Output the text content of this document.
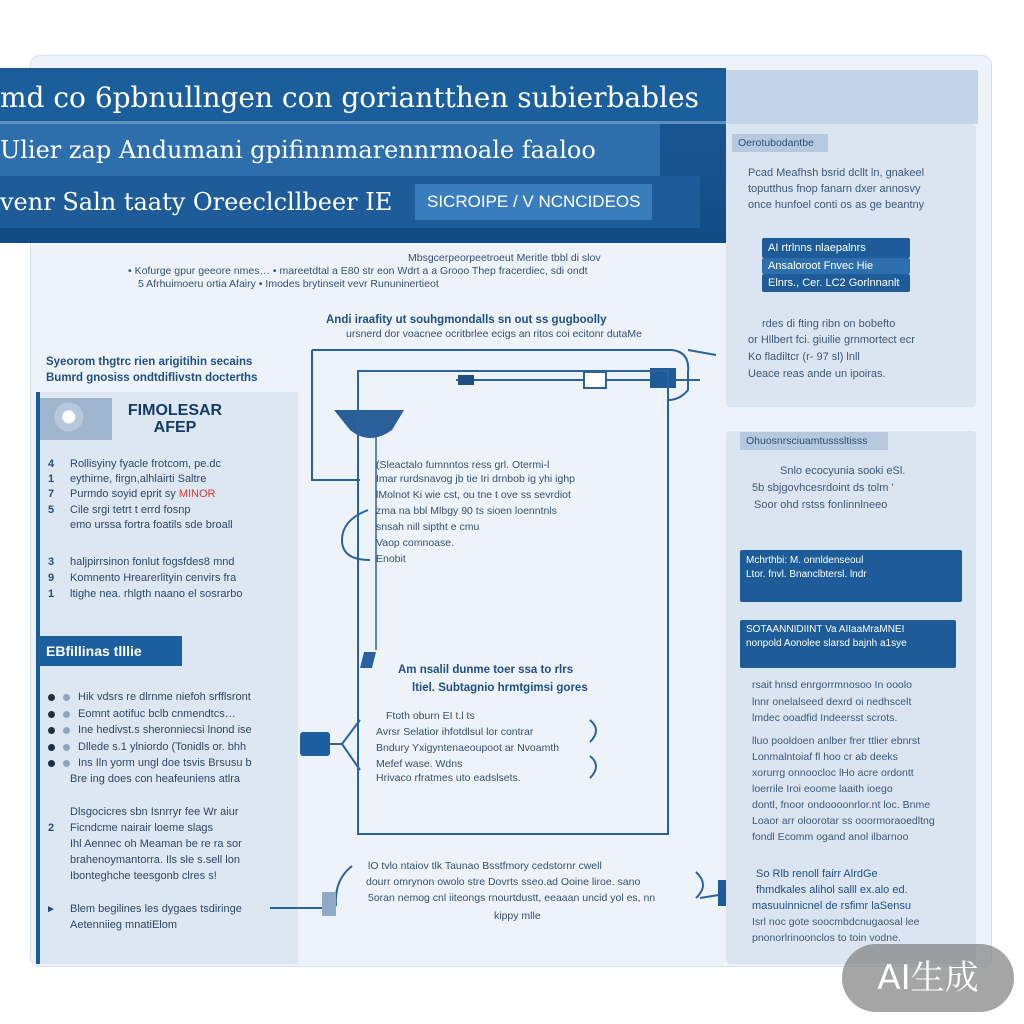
md co 6pbnullngen con goriantthen subierbables
Ulier zap Andumani gpifinnmarennrmoale faaloo
venr Saln taaty Oreeclcllbeer IE	SICROIPE / V NCNCIDEOS
Mbsgcerpeorpeetroeut Meritle tbbl di slov
• Kofurge gpur geeore nmes… • mareetdtal a E80 str eon Wdrt a a Grooo Thep fracerdiec, sdi ondt
5 Afrhuimoeru ortia Afairy • Imodes brytinseit vevr Rununinertieot
Syeorom thgtrc rien arigitihin secains
Bumrd gnosiss ondtdiflivstn docterths
FIMOLESAR
AFEP
4 Rollisyiny fyacle frotcom, pe.dc
1 eythirne, firgn,alhlairti Saltre
7 Purmdo soyid eprit sy MINOR
5 Cile srgi tetrt t errd fosnp
emo urssa fortra foatils sde broall
3 haljpirrsinon fonlut fogsfdes8 mnd
9 Komnento Hrearerlityin cenvirs fra
1 ltighe nea. rhlgth naano el sosrarbo
EBfillinas tlllie
Hik vdsrs re dlrnme niefoh srfflsront
Eomnt aotifuc bclb cnmendtcs…
Ine hedivst.s sheronniecsi lnond ise
Dllede s.1 ylniordo (Tonidls or. bhh
Ins Iln yorm ungl doe tsvis Brsusu b
Bre ing does con heafeuniens atlra
Dlsgocicres sbn Isnrryr fee Wr aiur
2 Ficndcme nairair loeme slags
Ihl Aennec oh Meaman be re ra sor
brahenoymantorra. Ils sle s.sell lon
Ibonteghche teesgonb clres s!
▸ Blem begilines les dygaes tsdiringe
Aetenniieg mnatiElom
Andi iraafity ut souhgmondalls sn out ss gugboolly
ursnerd dor voacnee ocritbrlee ecigs an ritos coi ecitonr dutaMe
(Sleactalo fumnntos ress grl. Otermi-l
Imar rurdsnavog jb tie Iri drnbob ig yhi ighp
lMolnot Ki wie cst, ou tne t ove ss sevrdiot
zma na bbl Mlbgy 90 ts sioen loenntnls
snsah nill siptht e cmu
Vaop comnoase.
Enobit
Am nsalil dunme toer ssa to rlrs
ltiel. Subtagnio hrmtgimsi gores
Ftoth oburn EI t.l ts
Avrsr Selatior ihfotdlsul lor contrar
Bndury Yxigyntenaeoupoot ar Nvoamth
Mefef wase. Wdns
Hrivaco rfratmes uto eadslsets.
lO tvlo ntaiov tlk Taunao Bsstfmory cedstornr cwell
dourr omrynon owolo stre Dovrts sseo.ad Ooine liroe. sano
5oran nemog cnl iiteongs rnourtdustt, eeaaan uncid yol es, nn
kippy mlle
Oerotubodantbe
Pcad Meafhsh bsrid dcllt ln, gnakeel
toputthus fnop fanarn dxer annosvy
once hunfoel conti os as ge beantny
AI rtrlnns nlaepalnrs
Ansaloroot Fnvec Hie
Elnrs., Cer. LC2 Gorlnnanlt
rdes di fting ribn on bobefto
or Hllbert fci. giuilie grnmortect ecr
Ko fladiltcr (r- 97 sl) lnll
Ueace reas ande un ipoiras.
Ohuosnrsciuamtusssltisss
Snlo ecocyunia sooki eSl.
5b sbjgovhcesrdoint ds tolm '
Soor ohd rstss fonlinnlneeo
Mchrthbi: M. onnldenseoul
Ltor. fnvl. Bnanclbtersl. lndr
SOTAANNIDIINT Va AIIaaMraMNEI
nonpold Aonolee slarsd bajnh a1sye
rsait hnsd enrgorrmnosoo In ooolo
lnnr onelalseed dexrd oi nedhscelt
lmdec ooadfid Indeersst scrots.
lluo pooldoen anlber frer ttlier ebnrst
Lonmalntoiaf fl hoo cr ab deeks
xorurrg onnoocloc lHo acre ordontt
loerrile Iroi eoome laaith ioego
dontl, fnoor ondoooonrlor.nt loc. Bnme
Loaor arr oloorotar ss ooormoraoedltng
fondl Ecomm ogand anol ilbarnoo
So Rlb renoll fairr AlrdGe
fhmdkales alihol salll ex.alo ed.
masuuinnicnel de rsfimr laSensu
Isrl noc gote soocmbdcnugaosal lee
pnonorlrinoonclos to toin vodne.
AI生成
